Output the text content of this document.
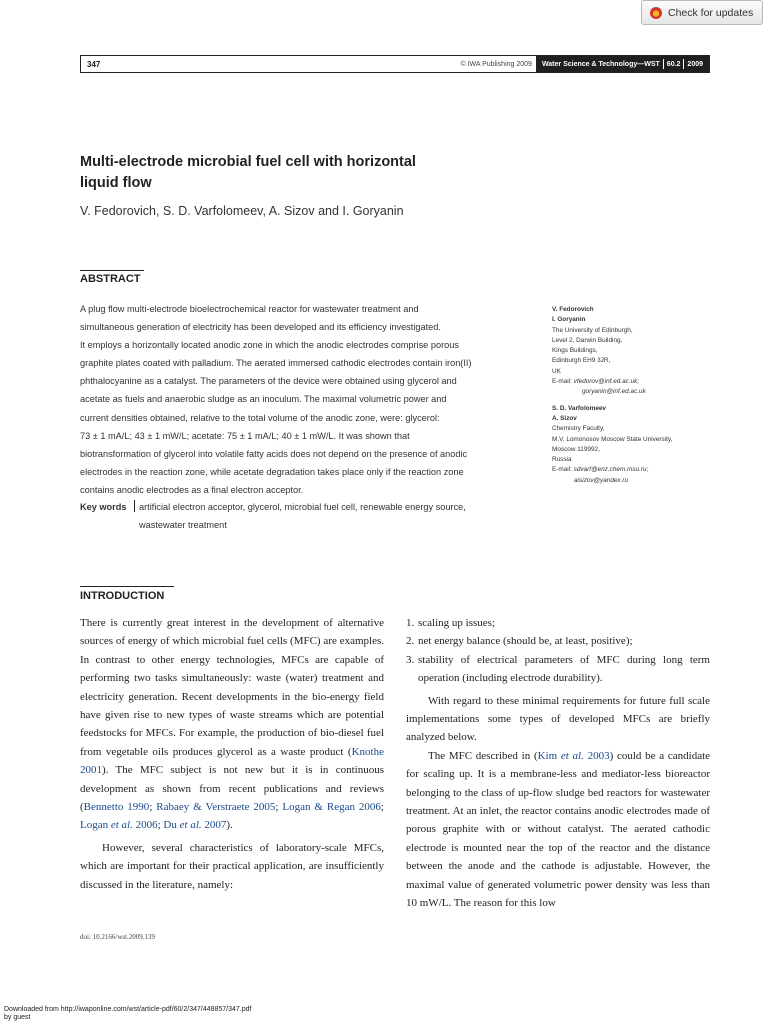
Check for updates
347	© IWA Publishing 2009	Water Science & Technology—WST 60.2 2009
Multi-electrode microbial fuel cell with horizontal
liquid flow
V. Fedorovich, S. D. Varfolomeev, A. Sizov and I. Goryanin
ABSTRACT

A plug flow multi-electrode bioelectrochemical reactor for wastewater treatment and

simultaneous generation of electricity has been developed and its efficiency investigated.

It employs a horizontally located anodic zone in which the anodic electrodes comprise porous

graphite plates coated with palladium. The aerated immersed cathodic electrodes contain iron(II)

phthalocyanine as a catalyst. The parameters of the device were obtained using glycerol and

acetate as fuels and anaerobic sludge as an inoculum. The maximal volumetric power and

current densities obtained, relative to the total volume of the anodic zone, were: glycerol:

73 ± 1 mA/L; 43 ± 1 mW/L; acetate: 75 ± 1 mA/L; 40 ± 1 mW/L. It was shown that

biotransformation of glycerol into volatile fatty acids does not depend on the presence of anodic

electrodes in the reaction zone, while acetate degradation takes place only if the reaction zone

contains anodic electrodes as a final electron acceptor.

Key words artificial electron acceptor, glycerol, microbial fuel cell, renewable energy source,
wastewater treatment
V. Fedorovich
I. Goryanin
The University of Edinburgh,
Level 2, Darwin Building,
Kings Buildings,
Edinburgh EH9 3JR,
UK
E-mail: vfedorov@inf.ed.ac.uk;
goryanin@inf.ed.ac.uk
S. D. Varfolomeev
A. Sizov
Chemistry Faculty,
M.V. Lomonosov Moscow State University,
Moscow 119992,
Russia
E-mail: sdvarf@enz.chem.msu.ru;
aisizov@yandex.ru
INTRODUCTION

There is currently great interest in the development of alternative sources of energy of which microbial fuel cells (MFC) are examples. In contrast to other energy technologies, MFCs are capable of performing two tasks simultaneously: waste (water) treatment and electricity generation. Recent developments in the bio-energy field have given rise to new types of waste streams which are potential feedstocks for MFCs. For example, the production of bio-diesel fuel from vegetable oils produces glycerol as a waste product (Knothe 2001). The MFC subject is not new but it is in continuous development as shown from recent publications and reviews (Bennetto 1990; Rabaey & Verstraete 2005; Logan & Regan 2006; Logan et al. 2006; Du et al. 2007).

However, several characteristics of laboratory-scale MFCs, which are important for their practical application, are insufficiently discussed in the literature, namely:

1. scaling up issues;
2. net energy balance (should be, at least, positive);
3. stability of electrical parameters of MFC during long term operation (including electrode durability).

With regard to these minimal requirements for future full scale implementations some types of developed MFCs are briefly analyzed below.

The MFC described in (Kim et al. 2003) could be a candidate for scaling up. It is a membrane-less and mediator-less bioreactor belonging to the class of up-flow sludge bed reactors for wastewater treatment. At an inlet, the reactor contains anodic electrodes made of porous graphite with or without catalyst. The aerated cathodic electrode is mounted near the top of the reactor and the distance between the anode and the cathode is adjustable. However, the maximal value of generated volumetric power density was less than 10 mW/L. The reason for this low

doi: 10.2166/wst.2009.139
Downloaded from http://iwaponline.com/wst/article-pdf/60/2/347/448857/347.pdf
by guest
